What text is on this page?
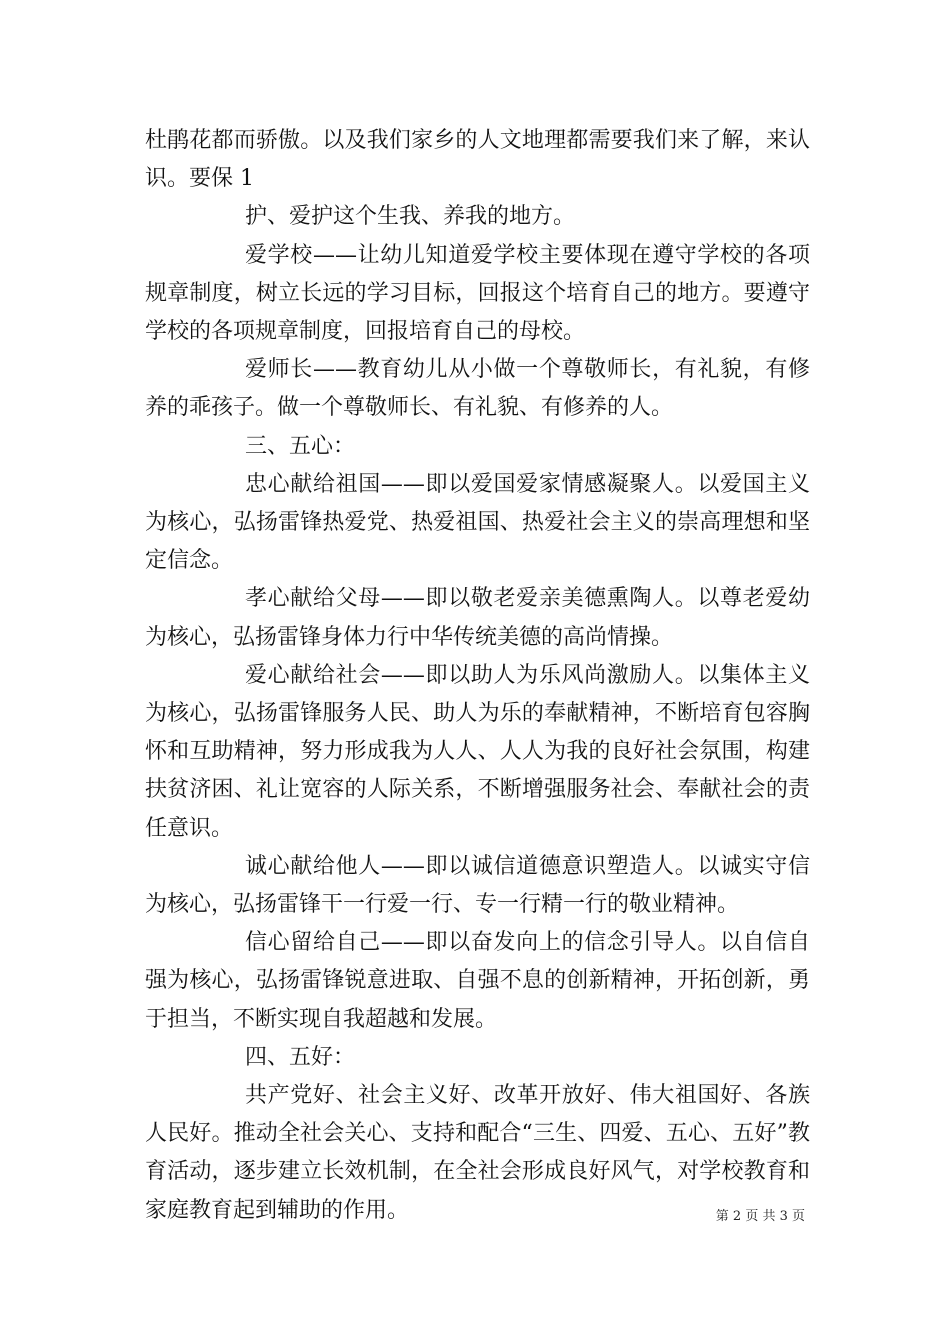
杜鹃花都而骄傲。以及我们家乡的人文地理都需要我们来了解，来认识。要保 1

护、爱护这个生我、养我的地方。

爱学校——让幼儿知道爱学校主要体现在遵守学校的各项规章制度，树立长远的学习目标，回报这个培育自己的地方。要遵守学校的各项规章制度，回报培育自己的母校。

爱师长——教育幼儿从小做一个尊敬师长，有礼貌，有修养的乖孩子。做一个尊敬师长、有礼貌、有修养的人。

三、五心：

忠心献给祖国——即以爱国爱家情感凝聚人。以爱国主义为核心，弘扬雷锋热爱党、热爱祖国、热爱社会主义的崇高理想和坚定信念。

孝心献给父母——即以敬老爱亲美德熏陶人。以尊老爱幼为核心，弘扬雷锋身体力行中华传统美德的高尚情操。

爱心献给社会——即以助人为乐风尚激励人。以集体主义为核心，弘扬雷锋服务人民、助人为乐的奉献精神，不断培育包容胸怀和互助精神，努力形成我为人人、人人为我的良好社会氛围，构建扶贫济困、礼让宽容的人际关系，不断增强服务社会、奉献社会的责任意识。

诚心献给他人——即以诚信道德意识塑造人。以诚实守信为核心，弘扬雷锋干一行爱一行、专一行精一行的敬业精神。

信心留给自己——即以奋发向上的信念引导人。以自信自强为核心，弘扬雷锋锐意进取、自强不息的创新精神，开拓创新，勇于担当，不断实现自我超越和发展。

四、五好：

共产党好、社会主义好、改革开放好、伟大祖国好、各族人民好。推动全社会关心、支持和配合“三生、四爱、五心、五好”教育活动，逐步建立长效机制，在全社会形成良好风气，对学校教育和家庭教育起到辅助的作用。	第 2 页 共 3 页
